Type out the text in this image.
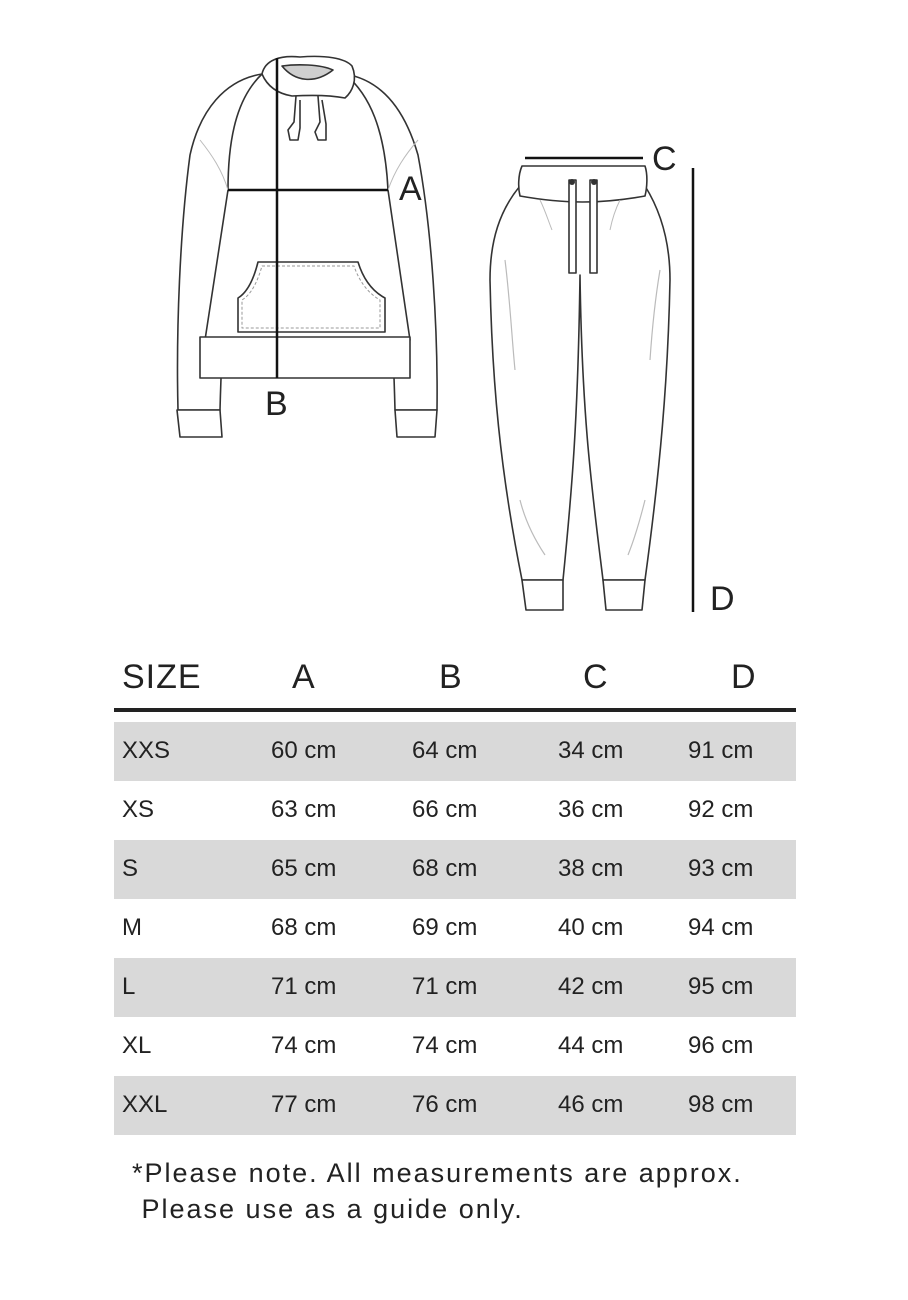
A
B
C
D
SIZE	A	B	C	D
XXS	60 cm	64 cm	34 cm	91 cm
XS	63 cm	66 cm	36 cm	92 cm
S	65 cm	68 cm	38 cm	93 cm
M	68 cm	69 cm	40 cm	94 cm
L	71 cm	71 cm	42 cm	95 cm
XL	74 cm	74 cm	44 cm	96 cm
XXL	77 cm	76 cm	46 cm	98 cm
*Please note. All measurements are approx.
Please use as a guide only.
